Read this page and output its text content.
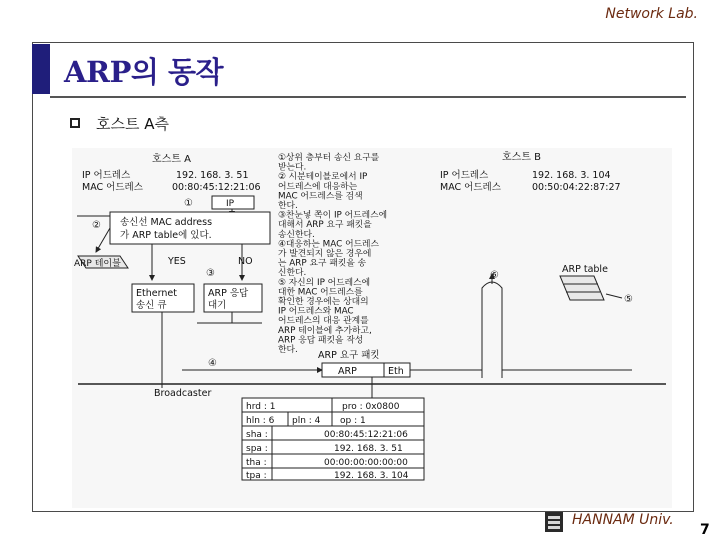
Network Lab.
ARP의 동작
호스트 A측
호스트 A
IP 어드레스	192. 168. 3. 51
MAC 어드레스	00:80:45:12:21:06
①	IP
② 송신선 MAC address
가 ARP table에 있다.
ARP 테이블	YES	NO
③
Ethernet
송신 큐
ARP 응답
대기
④
①상위 층부터 송신 요구를
받는다.
② 시분테이블로에서 IP
어드레스에 대응하는
MAC 어드레스를 검색
한다.
③찬눈넣 쪽이 IP 어드레스에
대해서 ARP 요구 패킷을
송신한다.
④대응하는 MAC 어드레스
가 발견되지 않은 경우에
는 ARP 요구 패킷을 송
신한다.
⑤ 자신의 IP 어드레스에
대한 MAC 어드레스를
확인한 경우에는 상대의
IP 어드레스와 MAC
어드레스의 대응 관계를
ARP 테이블에 추가하고,
ARP 응답 패킷을 작성
한다.
호스트 B
IP 어드레스	192. 168. 3. 104
MAC 어드레스	00:50:04:22:87:27
ARP table
⑥
⑤
ARP 요구 패킷
ARP	Eth
Broadcaster
hrd : 1	pro : 0x0800
hln : 6 pln : 4 op : 1
sha :	00:80:45:12:21:06
spa :	192. 168. 3. 51
tha :	00:00:00:00:00:00
tpa :	192. 168. 3. 104
HANNAM Univ.
7
